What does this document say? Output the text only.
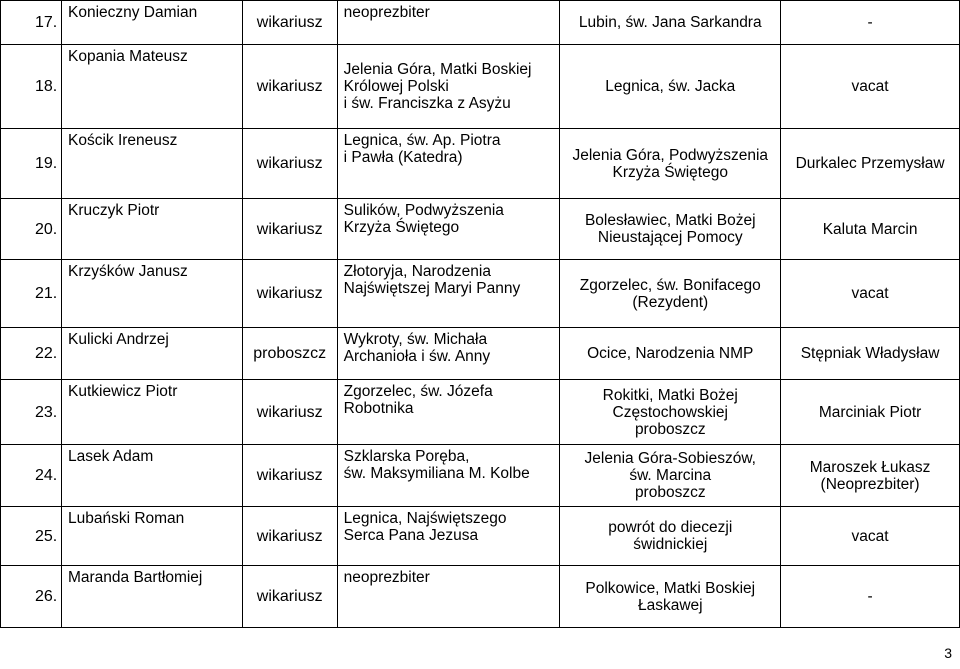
17.	Konieczny Damian	wikariusz	neoprezbiter	Lubin, św. Jana Sarkandra	-
18.	Kopania Mateusz	wikariusz	Jelenia Góra, Matki Boskiej
Królowej Polski
i św. Franciszka z Asyżu	Legnica, św. Jacka	vacat
19.	Kościk Ireneusz	wikariusz	Legnica, św. Ap. Piotra
i Pawła (Katedra)	Jelenia Góra, Podwyższenia
Krzyża Świętego	Durkalec Przemysław
20.	Kruczyk Piotr	wikariusz	Sulików, Podwyższenia
Krzyża Świętego	Bolesławiec, Matki Bożej
Nieustającej Pomocy	Kaluta Marcin
21.	Krzyśków Janusz	wikariusz	Złotoryja, Narodzenia
Najświętszej Maryi Panny	Zgorzelec, św. Bonifacego
(Rezydent)	vacat
22.	Kulicki Andrzej	proboszcz	Wykroty, św. Michała
Archanioła i św. Anny	Ocice, Narodzenia NMP	Stępniak Władysław
23.	Kutkiewicz Piotr	wikariusz	Zgorzelec, św. Józefa
Robotnika	Rokitki, Matki Bożej
Częstochowskiej
proboszcz	Marciniak Piotr
24.	Lasek Adam	wikariusz	Szklarska Poręba,
św. Maksymiliana M. Kolbe	Jelenia Góra-Sobieszów,
św. Marcina
proboszcz	Maroszek Łukasz
(Neoprezbiter)
25.	Lubański Roman	wikariusz	Legnica, Najświętszego
Serca Pana Jezusa	powrót do diecezji
świdnickiej	vacat
26.	Maranda Bartłomiej	wikariusz	neoprezbiter	Polkowice, Matki Boskiej
Łaskawej	-
3
